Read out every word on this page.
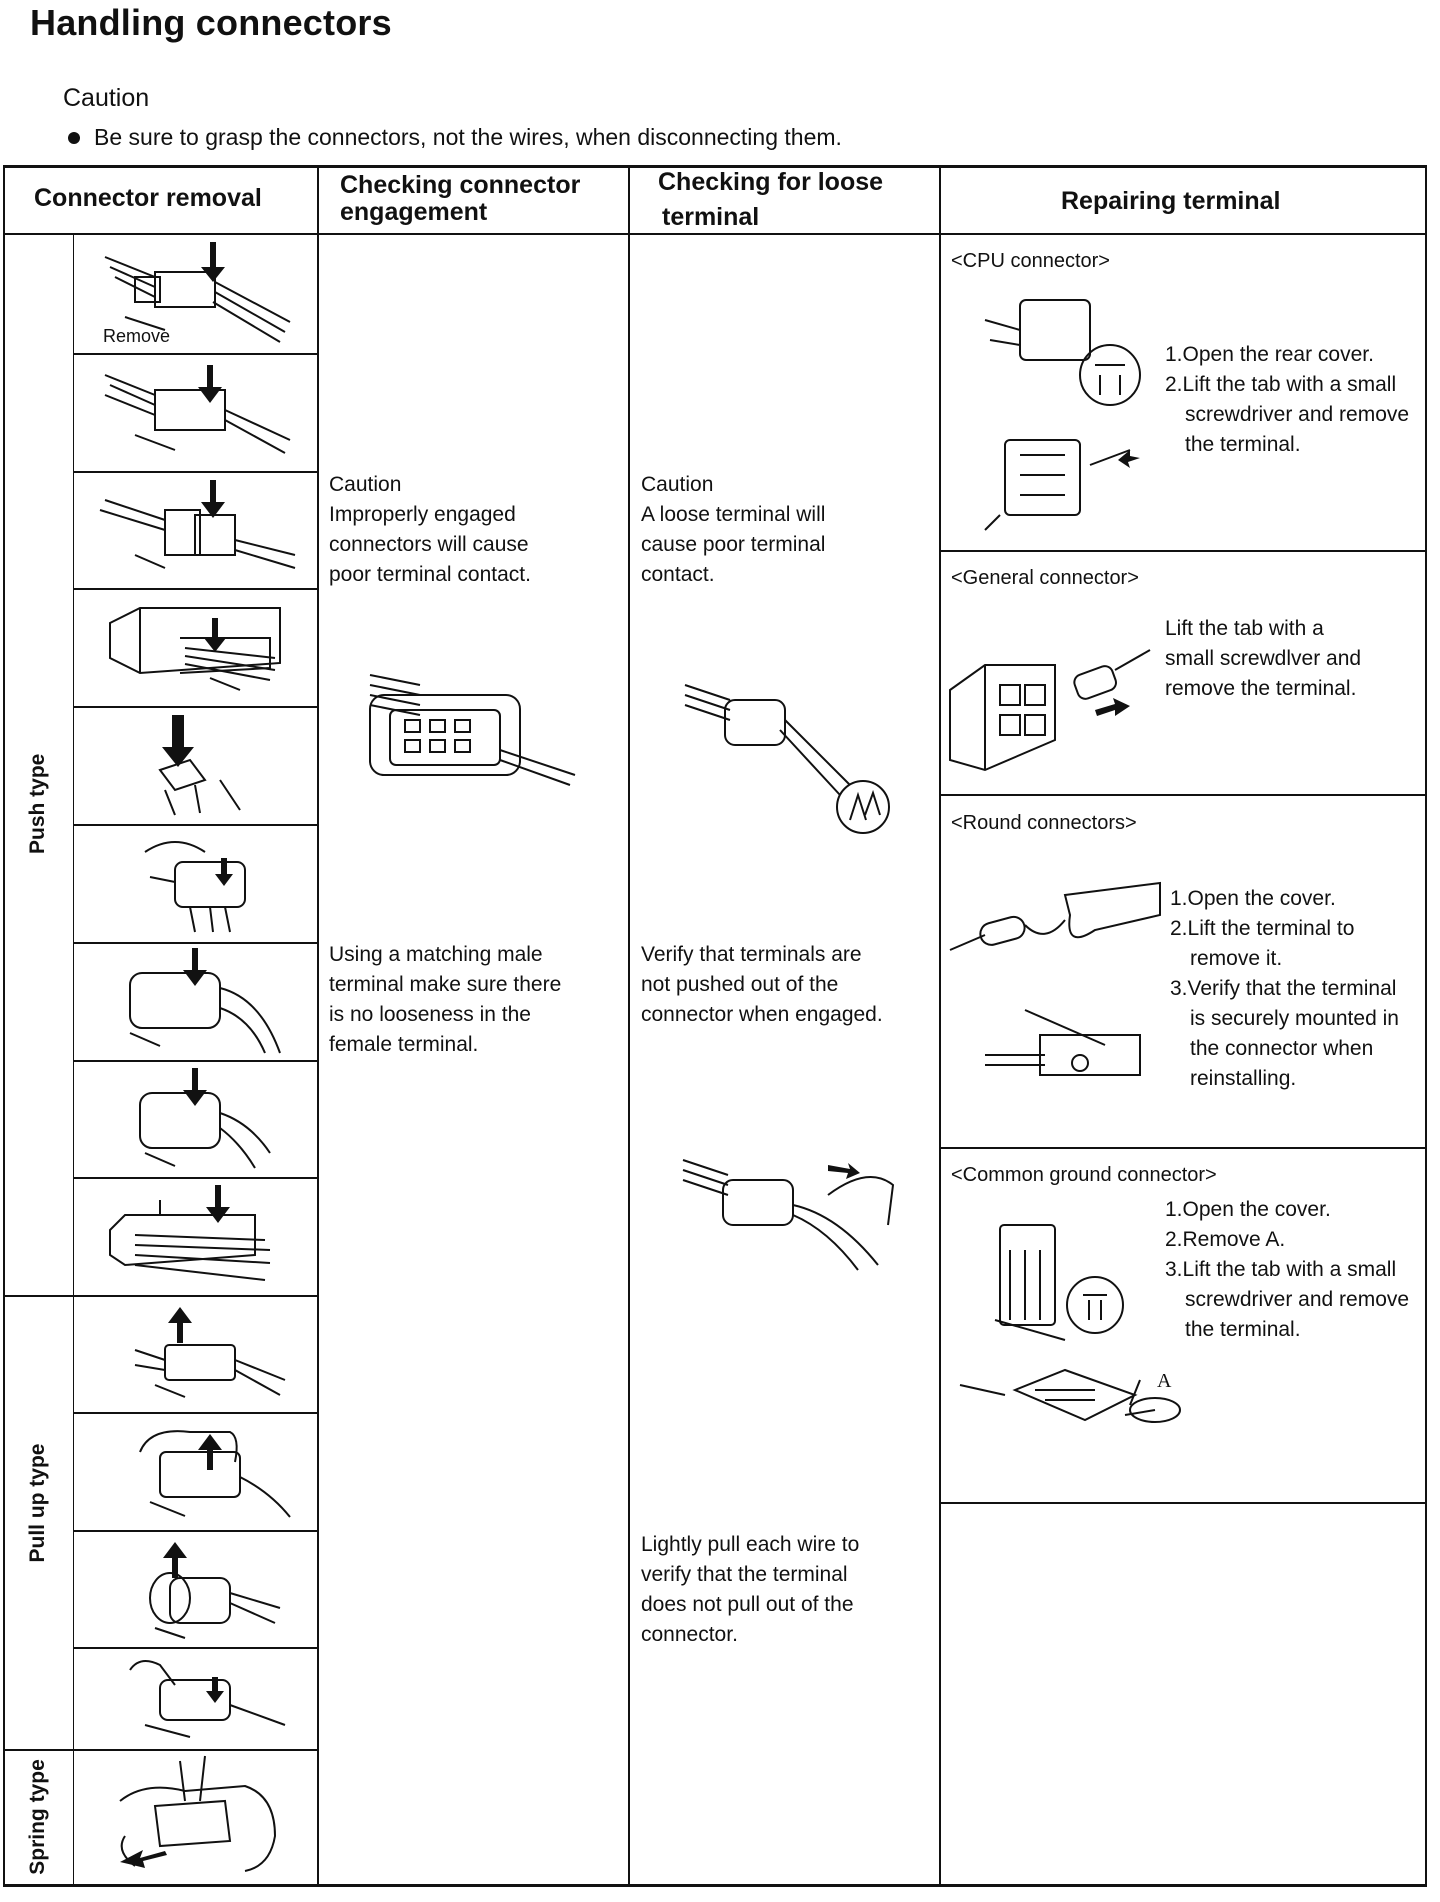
Handling connectors
Caution
Be sure to grasp the connectors, not the wires, when disconnecting them.
Connector removal	Checking connector
engagement
Checking for loose
terminal
Repairing terminal
Push type
Pull up type
Spring type
Remove
Caution
Improperly engaged
connectors will cause
poor terminal contact.
Using a matching male
terminal make sure there
is no looseness in the
female terminal.
Caution
A loose terminal will
cause poor terminal
contact.
Verify that terminals are
not pushed out of the
connector when engaged.
Lightly pull each wire to
verify that the terminal
does not pull out of the
connector.
<CPU connector>
1.Open the rear cover.
2.Lift the tab with a small screwdriver and remove the terminal.
<General connector>
Lift the tab with a
small screwdlver and
remove the terminal.
<Round connectors>
1.Open the cover.
2.Lift the terminal to remove it.
3.Verify that the terminal is securely mounted in the connector when reinstalling.
<Common ground connector>
A
1.Open the cover.
2.Remove A.
3.Lift the tab with a small screwdriver and remove the terminal.
